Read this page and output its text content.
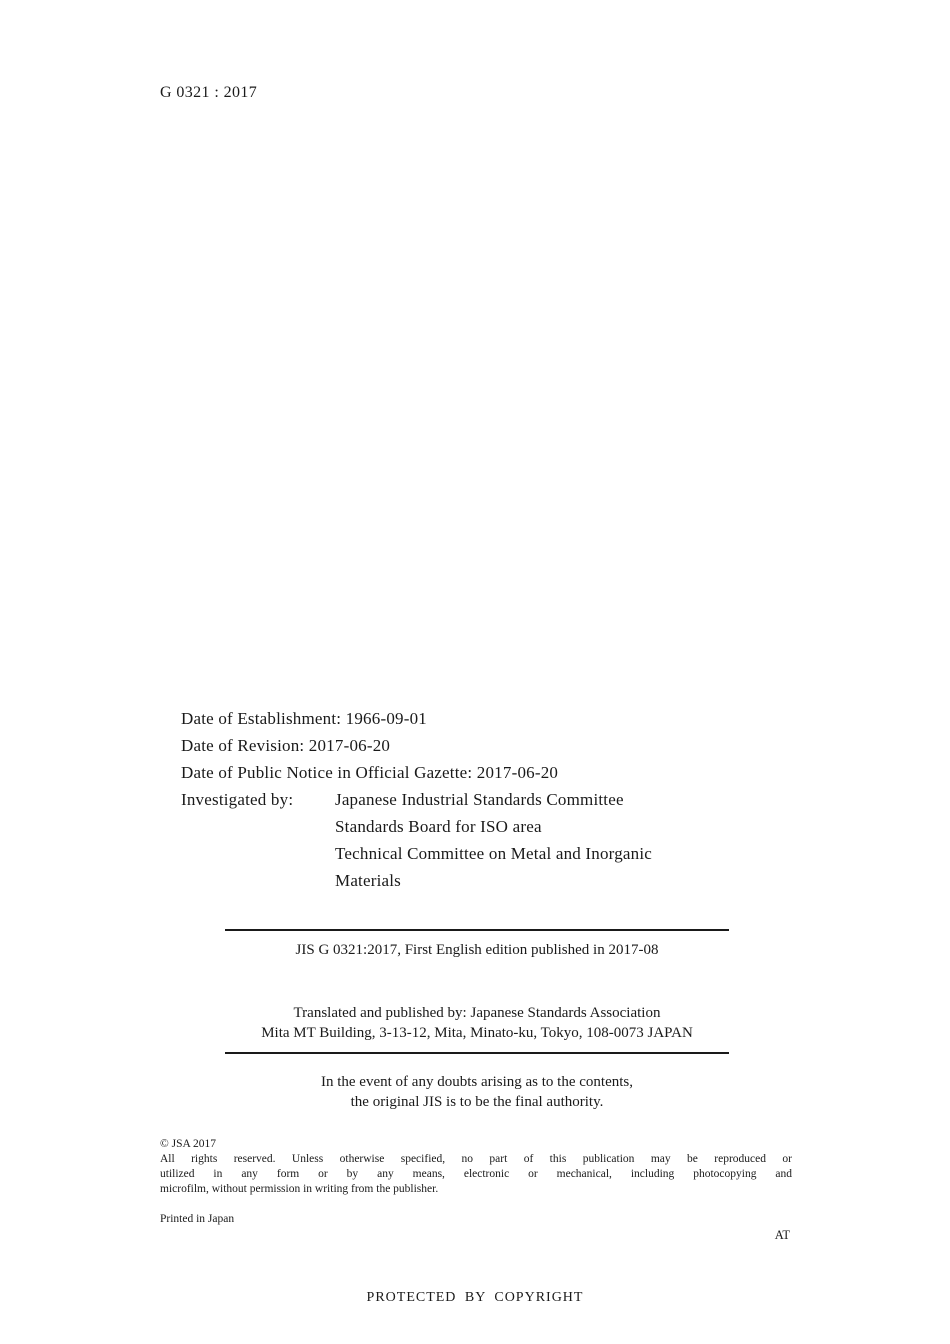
G 0321 : 2017
Date of Establishment: 1966-09-01
Date of Revision: 2017-06-20
Date of Public Notice in Official Gazette: 2017-06-20
Investigated by:	Japanese Industrial Standards Committee
Standards Board for ISO area
Technical Committee on Metal and Inorganic
Materials
JIS G 0321:2017, First English edition published in 2017-08
Translated and published by: Japanese Standards Association
Mita MT Building, 3-13-12, Mita, Minato-ku, Tokyo, 108-0073 JAPAN
In the event of any doubts arising as to the contents,
the original JIS is to be the final authority.
© JSA 2017
All rights reserved. Unless otherwise specified, no part of this publication may be reproduced or
utilized in any form or by any means, electronic or mechanical, including photocopying and
microfilm, without permission in writing from the publisher.
Printed in Japan
AT
PROTECTED BY COPYRIGHT
